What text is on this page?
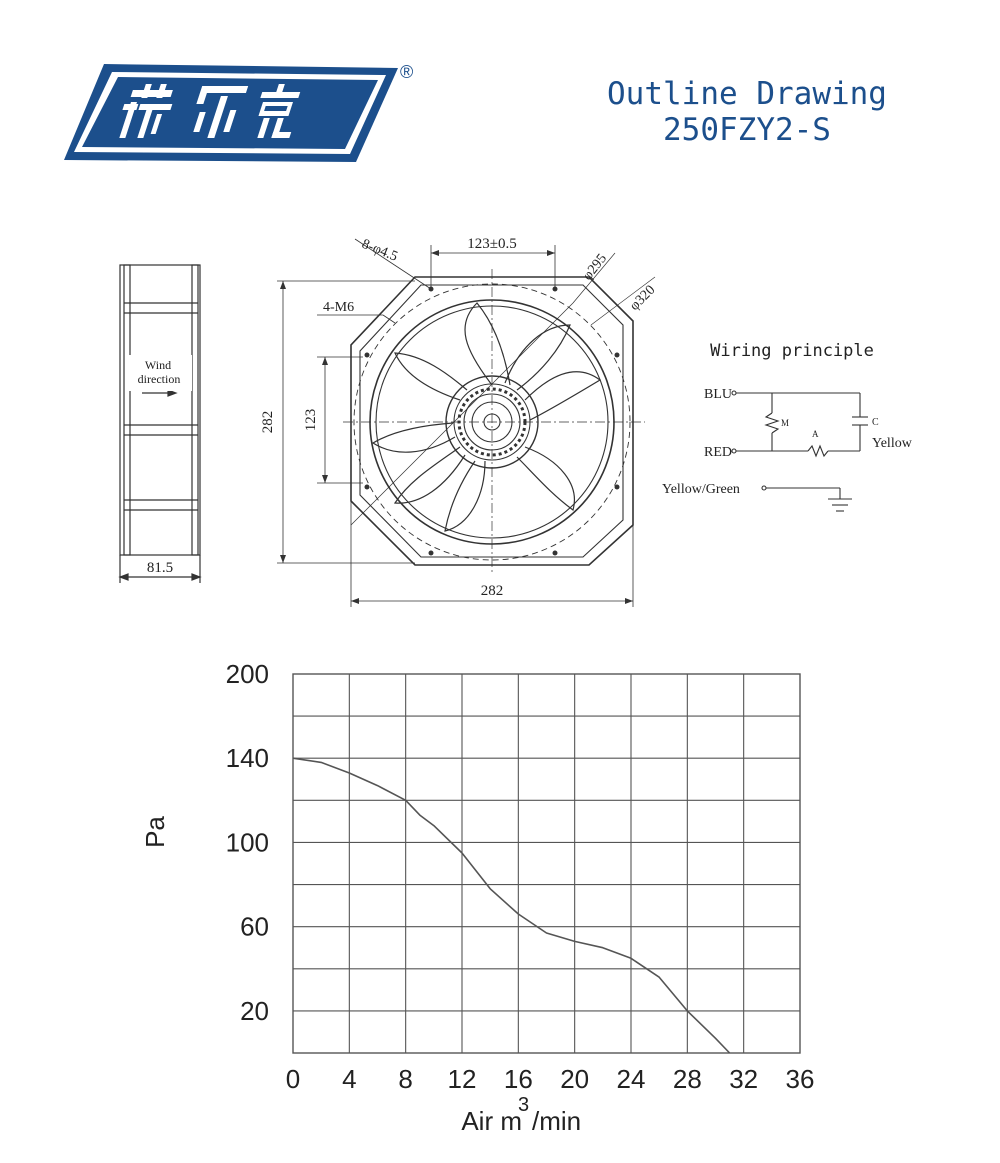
®
Outline Drawing
250FZY2-S
Wind
direction
81.5
282 123
282
123±0.5
8-φ4.5
4-M6
φ295
φ320
Wiring principle
BLU
RED
M
A
C
Yellow
Yellow/Green
200
140
100
60
20
0 4 8 12 16 20 24 28 32 36
Pa
Air m
3
/min
